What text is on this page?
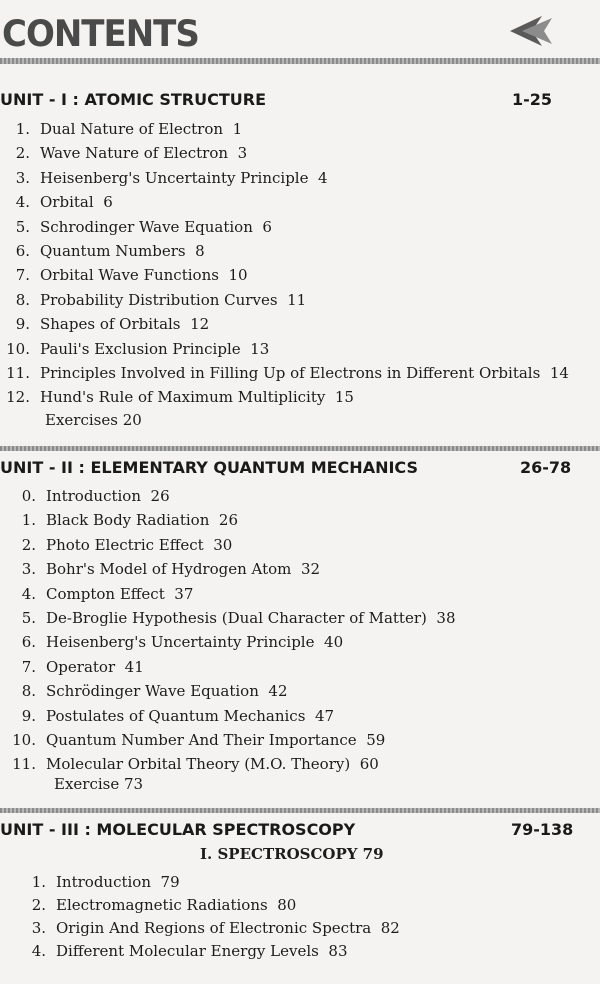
CONTENTS
UNIT - I : ATOMIC STRUCTURE	1-25
1. Dual Nature of Electron 1
2. Wave Nature of Electron 3
3. Heisenberg's Uncertainty Principle 4
4. Orbital 6
5. Schrodinger Wave Equation 6
6. Quantum Numbers 8
7. Orbital Wave Functions 10
8. Probability Distribution Curves 11
9. Shapes of Orbitals 12
10. Pauli's Exclusion Principle 13
11. Principles Involved in Filling Up of Electrons in Different Orbitals 14
12. Hund's Rule of Maximum Multiplicity 15
Exercises 20
UNIT - II : ELEMENTARY QUANTUM MECHANICS	26-78
0. Introduction 26
1. Black Body Radiation 26
2. Photo Electric Effect 30
3. Bohr's Model of Hydrogen Atom 32
4. Compton Effect 37
5. De-Broglie Hypothesis (Dual Character of Matter) 38
6. Heisenberg's Uncertainty Principle 40
7. Operator 41
8. Schrödinger Wave Equation 42
9. Postulates of Quantum Mechanics 47
10. Quantum Number And Their Importance 59
11. Molecular Orbital Theory (M.O. Theory) 60
Exercise 73
UNIT - III : MOLECULAR SPECTROSCOPY	79-138
I. SPECTROSCOPY 79
1. Introduction 79
2. Electromagnetic Radiations 80
3. Origin And Regions of Electronic Spectra 82
4. Different Molecular Energy Levels 83
